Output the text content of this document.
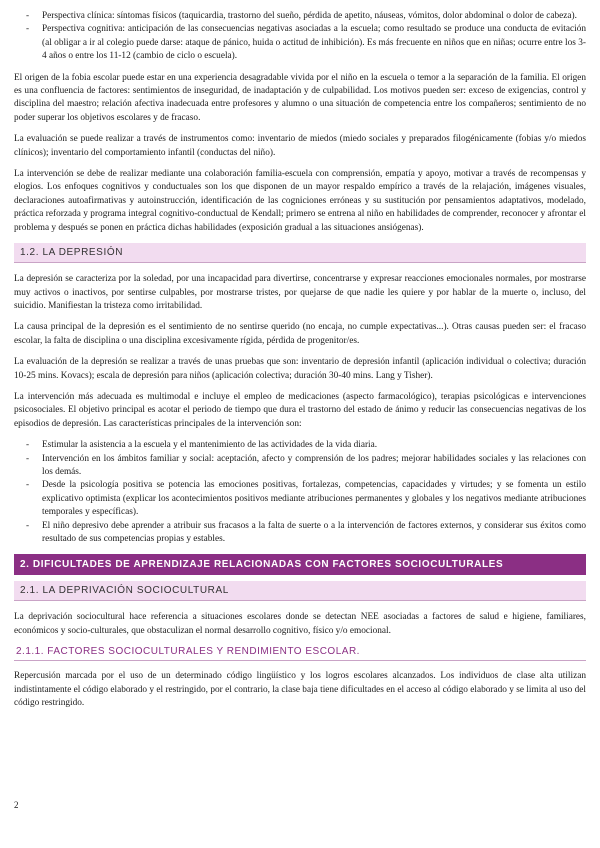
- Perspectiva clínica: síntomas físicos (taquicardia, trastorno del sueño, pérdida de apetito, náuseas, vómitos, dolor abdominal o dolor de cabeza).
- Perspectiva cognitiva: anticipación de las consecuencias negativas asociadas a la escuela; como resultado se produce una conducta de evitación (al obligar a ir al colegio puede darse: ataque de pánico, huida o actitud de inhibición). Es más frecuente en niños que en niñas; ocurre entre los 3-4 años o entre los 11-12 (cambio de ciclo o escuela).

El origen de la fobia escolar puede estar en una experiencia desagradable vivida por el niño en la escuela o temor a la separación de la familia. El origen es una confluencia de factores: sentimientos de inseguridad, de inadaptación y de culpabilidad. Los motivos pueden ser: exceso de exigencias, control y disciplina del maestro; relación afectiva inadecuada entre profesores y alumno o una situación de competencia entre los compañeros; sentimiento de no poder superar los objetivos escolares y de fracaso.

La evaluación se puede realizar a través de instrumentos como: inventario de miedos (miedo sociales y preparados filogénicamente (fobias y/o miedos clínicos); inventario del comportamiento infantil (conductas del niño).

La intervención se debe de realizar mediante una colaboración familia-escuela con comprensión, empatía y apoyo, motivar a través de recompensas y elogios. Los enfoques cognitivos y conductuales son los que disponen de un mayor respaldo empírico a través de la relajación, imágenes visuales, declaraciones autoafirmativas y autoinstrucción, identificación de las cogniciones erróneas y su sustitución por pensamientos adaptativos, modelado, práctica reforzada y programa integral cognitivo-conductual de Kendall; primero se entrena al niño en habilidades de comprender, reconocer y afrontar el problema y después se ponen en práctica dichas habilidades (exposición gradual a las situaciones ansiógenas).

1.2. LA DEPRESIÓN

La depresión se caracteriza por la soledad, por una incapacidad para divertirse, concentrarse y expresar reacciones emocionales normales, por mostrarse muy activos o inactivos, por sentirse culpables, por mostrarse tristes, por quejarse de que nadie les quiere y por hablar de la muerte o, incluso, del suicidio. Manifiestan la tristeza como irritabilidad.

La causa principal de la depresión es el sentimiento de no sentirse querido (no encaja, no cumple expectativas...). Otras causas pueden ser: el fracaso escolar, la falta de disciplina o una disciplina excesivamente rígida, pérdida de progenitor/es.

La evaluación de la depresión se realizar a través de unas pruebas que son: inventario de depresión infantil (aplicación individual o colectiva; duración 10-25 mins. Kovacs); escala de depresión para niños (aplicación colectiva; duración 30-40 mins. Lang y Tisher).

La intervención más adecuada es multimodal e incluye el empleo de medicaciones (aspecto farmacológico), terapias psicológicas e intervenciones psicosociales. El objetivo principal es acotar el periodo de tiempo que dura el trastorno del estado de ánimo y reducir las consecuencias negativas de los episodios de depresión. Las características principales de la intervención son:

- Estimular la asistencia a la escuela y el mantenimiento de las actividades de la vida diaria.
- Intervención en los ámbitos familiar y social: aceptación, afecto y comprensión de los padres; mejorar habilidades sociales y las relaciones con los demás.
- Desde la psicología positiva se potencia las emociones positivas, fortalezas, competencias, capacidades y virtudes; y se fomenta un estilo explicativo optimista (explicar los acontecimientos positivos mediante atribuciones permanentes y globales y los negativos mediante atribuciones temporales y específicas).
- El niño depresivo debe aprender a atribuir sus fracasos a la falta de suerte o a la intervención de factores externos, y considerar sus éxitos como resultado de sus competencias propias y estables.
2. DIFICULTADES DE APRENDIZAJE RELACIONADAS CON FACTORES SOCIOCULTURALES
2.1. LA DEPRIVACIÓN SOCIOCULTURAL

La deprivación sociocultural hace referencia a situaciones escolares donde se detectan NEE asociadas a factores de salud e higiene, familiares, económicos y socio-culturales, que obstaculizan el normal desarrollo cognitivo, físico y/o emocional.

2.1.1. FACTORES SOCIOCULTURALES Y RENDIMIENTO ESCOLAR.

Repercusión marcada por el uso de un determinado código lingüístico y los logros escolares alcanzados. Los individuos de clase alta utilizan indistintamente el código elaborado y el restringido, por el contrario, la clase baja tiene dificultades en el acceso al código elaborado y se limita al uso del código restringido.

2
